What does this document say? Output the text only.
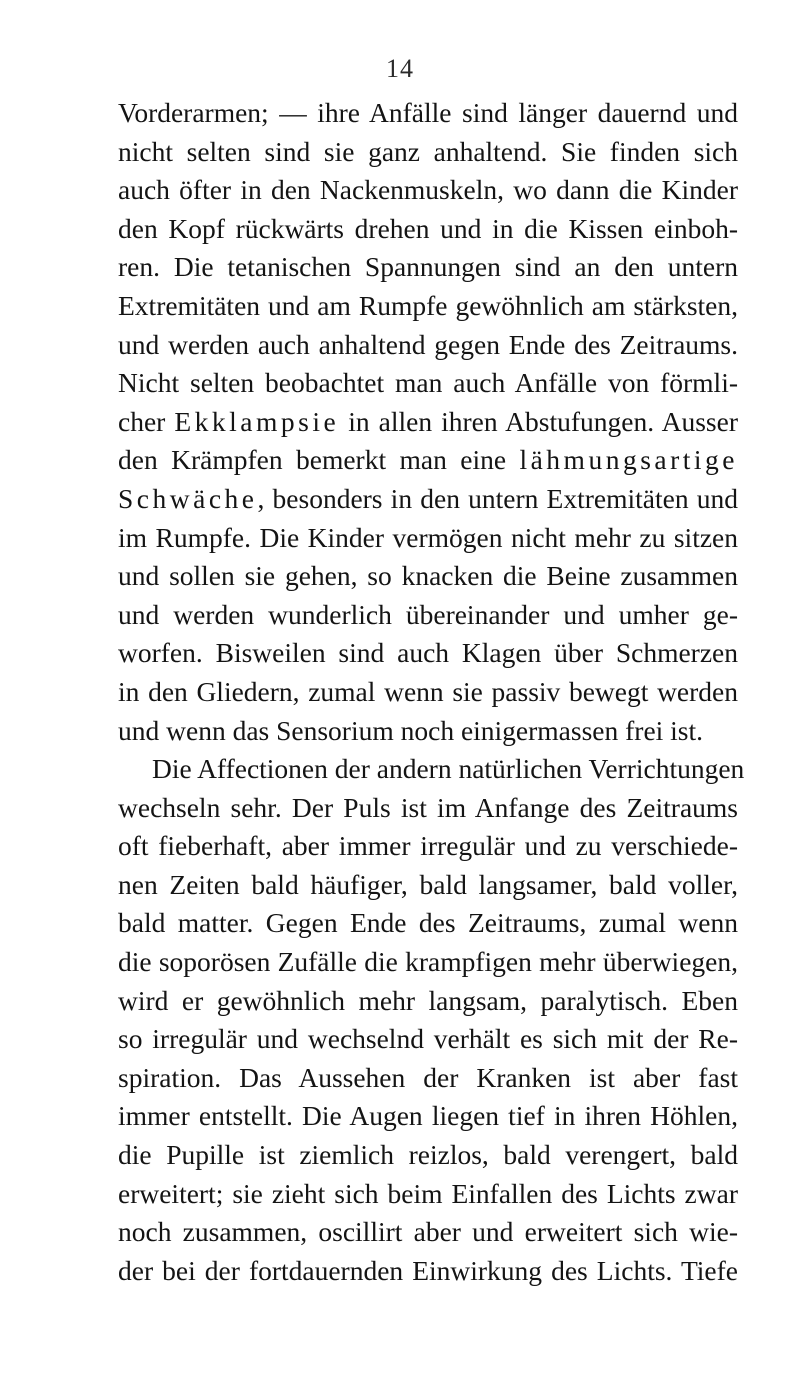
14
Vorderarmen; — ihre Anfälle sind länger dauernd und
nicht selten sind sie ganz anhaltend. Sie finden sich
auch öfter in den Nackenmuskeln, wo dann die Kinder
den Kopf rückwärts drehen und in die Kissen einboh-
ren. Die tetanischen Spannungen sind an den untern
Extremitäten und am Rumpfe gewöhnlich am stärksten,
und werden auch anhaltend gegen Ende des Zeitraums.
Nicht selten beobachtet man auch Anfälle von förmli-
cher Ekklampsie in allen ihren Abstufungen. Ausser
den Krämpfen bemerkt man eine lähmungsartige
Schwäche, besonders in den untern Extremitäten und
im Rumpfe. Die Kinder vermögen nicht mehr zu sitzen
und sollen sie gehen, so knacken die Beine zusammen
und werden wunderlich übereinander und umher ge-
worfen. Bisweilen sind auch Klagen über Schmerzen
in den Gliedern, zumal wenn sie passiv bewegt werden
und wenn das Sensorium noch einigermassen frei ist.
Die Affectionen der andern natürlichen Verrichtungen
wechseln sehr. Der Puls ist im Anfange des Zeitraums
oft fieberhaft, aber immer irregulär und zu verschiede-
nen Zeiten bald häufiger, bald langsamer, bald voller,
bald matter. Gegen Ende des Zeitraums, zumal wenn
die soporösen Zufälle die krampfigen mehr überwiegen,
wird er gewöhnlich mehr langsam, paralytisch. Eben
so irregulär und wechselnd verhält es sich mit der Re-
spiration. Das Aussehen der Kranken ist aber fast
immer entstellt. Die Augen liegen tief in ihren Höhlen,
die Pupille ist ziemlich reizlos, bald verengert, bald
erweitert; sie zieht sich beim Einfallen des Lichts zwar
noch zusammen, oscillirt aber und erweitert sich wie-
der bei der fortdauernden Einwirkung des Lichts. Tiefe
